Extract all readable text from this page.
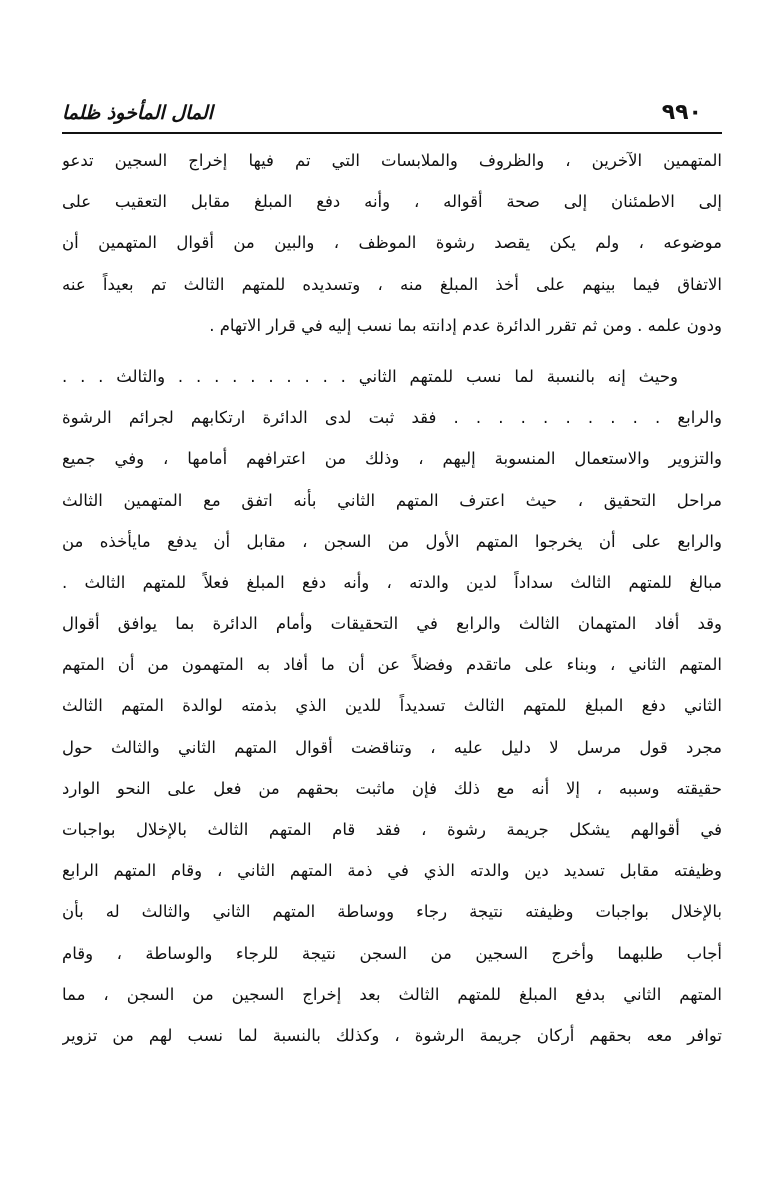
٩٩٠
المال المأخوذ ظلما
المتهمين الآخرين ، والظروف والملابسات التي تم فيها إخراج السجين تدعو
إلى الاطمئنان إلى صحة أقواله ، وأنه دفع المبلغ مقابل التعقيب على
موضوعه ، ولم يكن يقصد رشوة الموظف ، والبين من أقوال المتهمين أن
الاتفاق فيما بينهم على أخذ المبلغ منه ، وتسديده للمتهم الثالث تم بعيداً عنه
ودون علمه . ومن ثم تقرر الدائرة عدم إدانته بما نسب إليه في قرار الاتهام .
وحيث إنه بالنسبة لما نسب للمتهم الثاني . . . . . . . . . . والثالث . . .
والرابع . . . . . . . . . . فقد ثبت لدى الدائرة ارتكابهم لجرائم الرشوة
والتزوير والاستعمال المنسوبة إليهم ، وذلك من اعترافهم أمامها ، وفي جميع
مراحل التحقيق ، حيث اعترف المتهم الثاني بأنه اتفق مع المتهمين الثالث
والرابع على أن يخرجوا المتهم الأول من السجن ، مقابل أن يدفع مايأخذه من
مبالغ للمتهم الثالث سداداً لدين والدته ، وأنه دفع المبلغ فعلاً للمتهم الثالث .
وقد أفاد المتهمان الثالث والرابع في التحقيقات وأمام الدائرة بما يوافق أقوال
المتهم الثاني ، وبناء على ماتقدم وفضلاً عن أن ما أفاد به المتهمون من أن المتهم
الثاني دفع المبلغ للمتهم الثالث تسديداً للدين الذي بذمته لوالدة المتهم الثالث
مجرد قول مرسل لا دليل عليه ، وتناقضت أقوال المتهم الثاني والثالث حول
حقيقته وسببه ، إلا أنه مع ذلك فإن ماثبت بحقهم من فعل على النحو الوارد
في أقوالهم يشكل جريمة رشوة ، فقد قام المتهم الثالث بالإخلال بواجبات
وظيفته مقابل تسديد دين والدته الذي في ذمة المتهم الثاني ، وقام المتهم الرابع
بالإخلال بواجبات وظيفته نتيجة رجاء ووساطة المتهم الثاني والثالث له بأن
أجاب طلبهما وأخرج السجين من السجن نتيجة للرجاء والوساطة ، وقام
المتهم الثاني بدفع المبلغ للمتهم الثالث بعد إخراج السجين من السجن ، مما
توافر معه بحقهم أركان جريمة الرشوة ، وكذلك بالنسبة لما نسب لهم من تزوير
